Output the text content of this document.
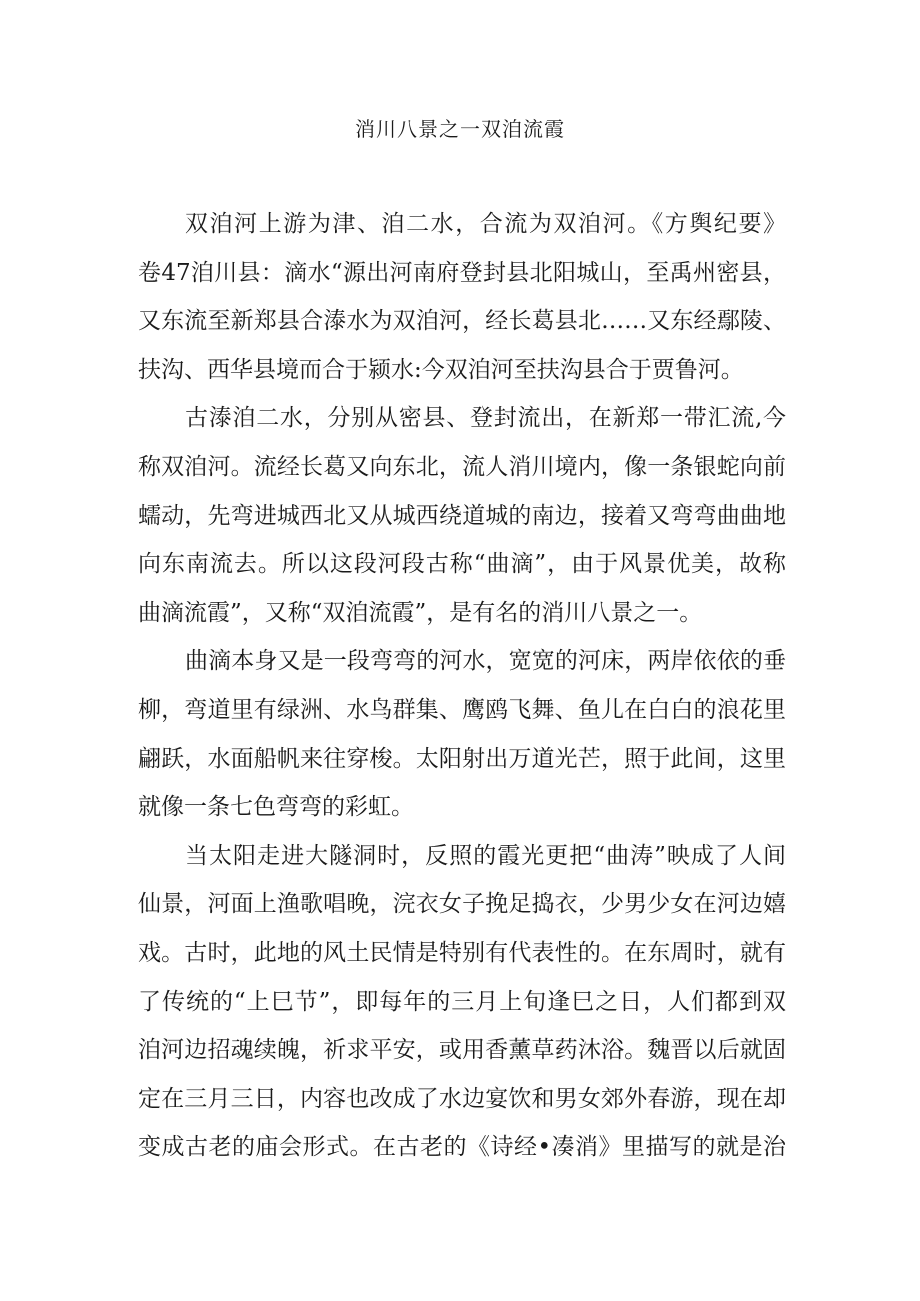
消川八景之一双洎流霞
双洎河上游为津、洎二水，合流为双洎河。《方舆纪要》
卷47洎川县：滴水“源出河南府登封县北阳城山，至禹州密县，
又东流至新郑县合溙水为双洎河，经长葛县北……又东经鄢陵、
扶沟、西华县境而合于颍水:今双洎河至扶沟县合于贾鲁河。
古溙洎二水，分别从密县、登封流出，在新郑一带汇流,今
称双洎河。流经长葛又向东北，流人消川境内，像一条银蛇向前
蠕动，先弯进城西北又从城西绕道城的南边，接着又弯弯曲曲地
向东南流去。所以这段河段古称“曲滴”，由于风景优美，故称
曲滴流霞”，又称“双洎流霞”，是有名的消川八景之一。
曲滴本身又是一段弯弯的河水，宽宽的河床，两岸依依的垂
柳，弯道里有绿洲、水鸟群集、鹰鸥飞舞、鱼儿在白白的浪花里
翩跃，水面船帆来往穿梭。太阳射出万道光芒，照于此间，这里
就像一条七色弯弯的彩虹。
当太阳走进大隧洞时，反照的霞光更把“曲涛”映成了人间
仙景，河面上渔歌唱晚，浣衣女子挽足捣衣，少男少女在河边嬉
戏。古时，此地的风土民情是特别有代表性的。在东周时，就有
了传统的“上巳节”，即每年的三月上旬逢巳之日，人们都到双
洎河边招魂续魄，祈求平安，或用香薰草药沐浴。魏晋以后就固
定在三月三日，内容也改成了水边宴饮和男女郊外春游，现在却
变成古老的庙会形式。在古老的《诗经•凑消》里描写的就是治
